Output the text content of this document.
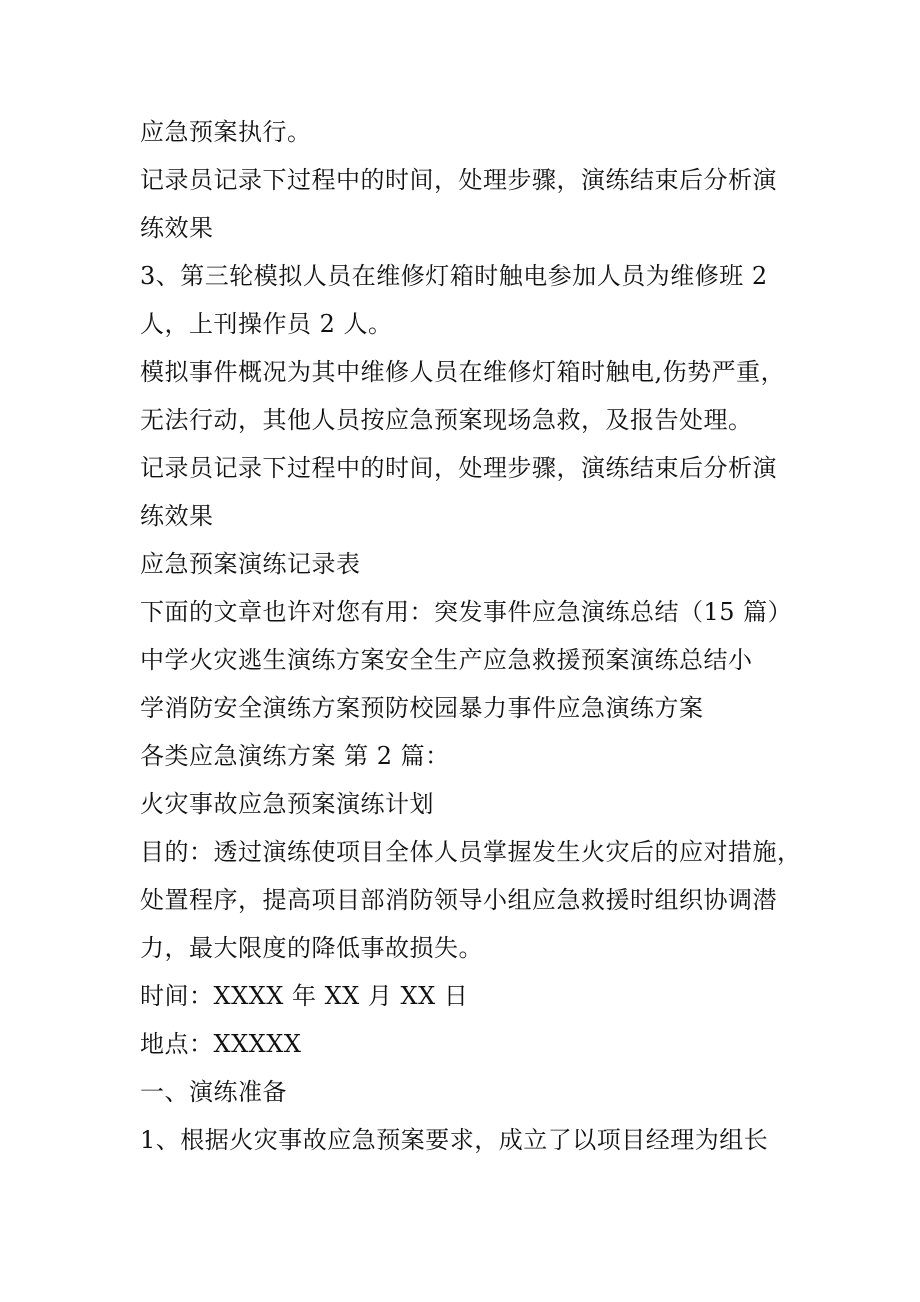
应急预案执行。
记录员记录下过程中的时间，处理步骤，演练结束后分析演
练效果
3、第三轮模拟人员在维修灯箱时触电参加人员为维修班 2
人，上刊操作员 2 人。
模拟事件概况为其中维修人员在维修灯箱时触电,伤势严重，
无法行动，其他人员按应急预案现场急救，及报告处理。
记录员记录下过程中的时间，处理步骤，演练结束后分析演
练效果
应急预案演练记录表
下面的文章也许对您有用：突发事件应急演练总结（15 篇）
中学火灾逃生演练方案安全生产应急救援预案演练总结小
学消防安全演练方案预防校园暴力事件应急演练方案
各类应急演练方案 第 2 篇：
火灾事故应急预案演练计划
目的：透过演练使项目全体人员掌握发生火灾后的应对措施，
处置程序，提高项目部消防领导小组应急救援时组织协调潜
力，最大限度的降低事故损失。
时间：XXXX 年 XX 月 XX 日
地点：XXXXX
一、演练准备
1、根据火灾事故应急预案要求，成立了以项目经理为组长
